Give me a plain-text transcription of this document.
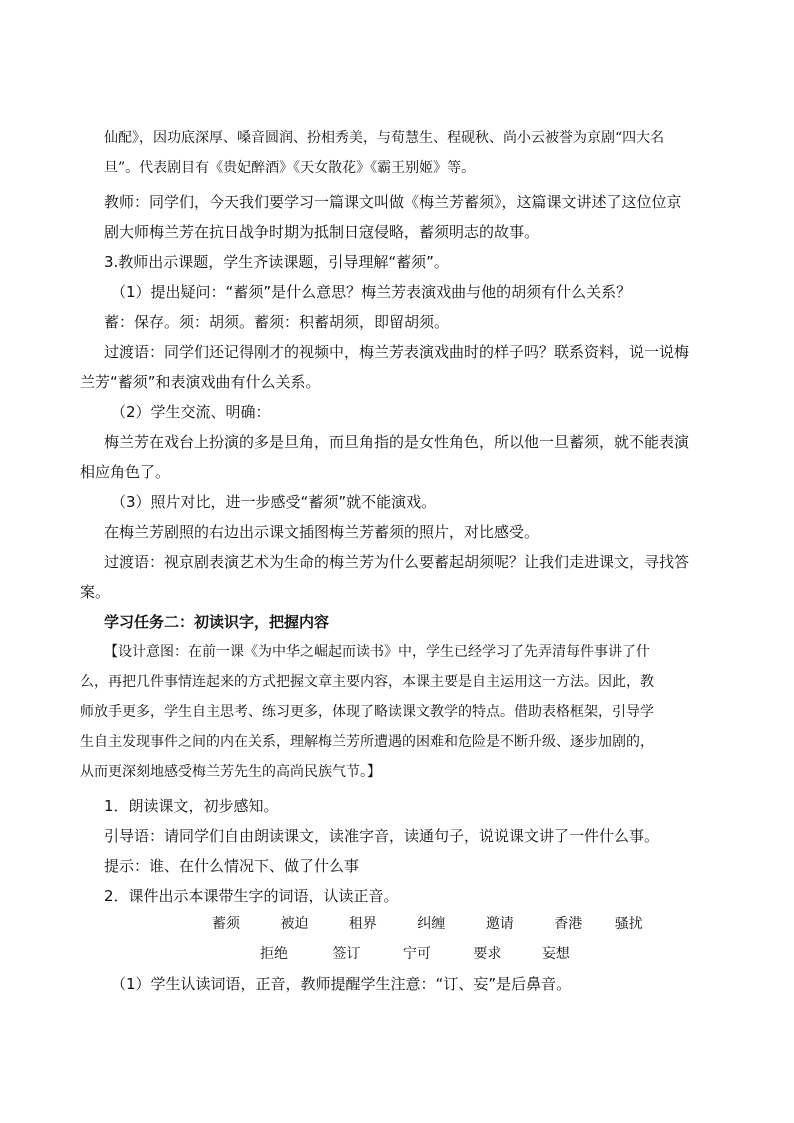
仙配》，因功底深厚、嗓音圆润、扮相秀美，与荀慧生、程砚秋、尚小云被誉为京剧“四大名
旦”。代表剧目有《贵妃醉酒》《天女散花》《霸王别姬》等。
教师：同学们，今天我们要学习一篇课文叫做《梅兰芳蓄须》，这篇课文讲述了这位位京
剧大师梅兰芳在抗日战争时期为抵制日寇侵略，蓄须明志的故事。
3.教师出示课题，学生齐读课题，引导理解“蓄须”。
（1）提出疑问：“蓄须”是什么意思？梅兰芳表演戏曲与他的胡须有什么关系？
蓄：保存。须：胡须。蓄须：积蓄胡须，即留胡须。
过渡语：同学们还记得刚才的视频中，梅兰芳表演戏曲时的样子吗？联系资料，说一说梅
兰芳“蓄须”和表演戏曲有什么关系。
（2）学生交流、明确：
梅兰芳在戏台上扮演的多是旦角，而旦角指的是女性角色，所以他一旦蓄须，就不能表演
相应角色了。
（3）照片对比，进一步感受“蓄须”就不能演戏。
在梅兰芳剧照的右边出示课文插图梅兰芳蓄须的照片，对比感受。
过渡语：视京剧表演艺术为生命的梅兰芳为什么要蓄起胡须呢？让我们走进课文，寻找答
案。
学习任务二：初读识字，把握内容
【设计意图：在前一课《为中华之崛起而读书》中，学生已经学习了先弄清每件事讲了什
么，再把几件事情连起来的方式把握文章主要内容，本课主要是自主运用这一方法。因此，教
师放手更多，学生自主思考、练习更多，体现了略读课文教学的特点。借助表格框架，引导学
生自主发现事件之间的内在关系，理解梅兰芳所遭遇的困难和危险是不断升级、逐步加剧的，
从而更深刻地感受梅兰芳先生的高尚民族气节。】
1．朗读课文，初步感知。
引导语：请同学们自由朗读课文，读准字音，读通句子，说说课文讲了一件什么事。
提示：谁、在什么情况下、做了什么事
2．课件出示本课带生字的词语，认读正音。
蓄须	被迫	租界	纠缠	邀请	香港 骚扰
拒绝	签订	宁可	要求	妄想
（1）学生认读词语，正音，教师提醒学生注意：“订、妄”是后鼻音。
